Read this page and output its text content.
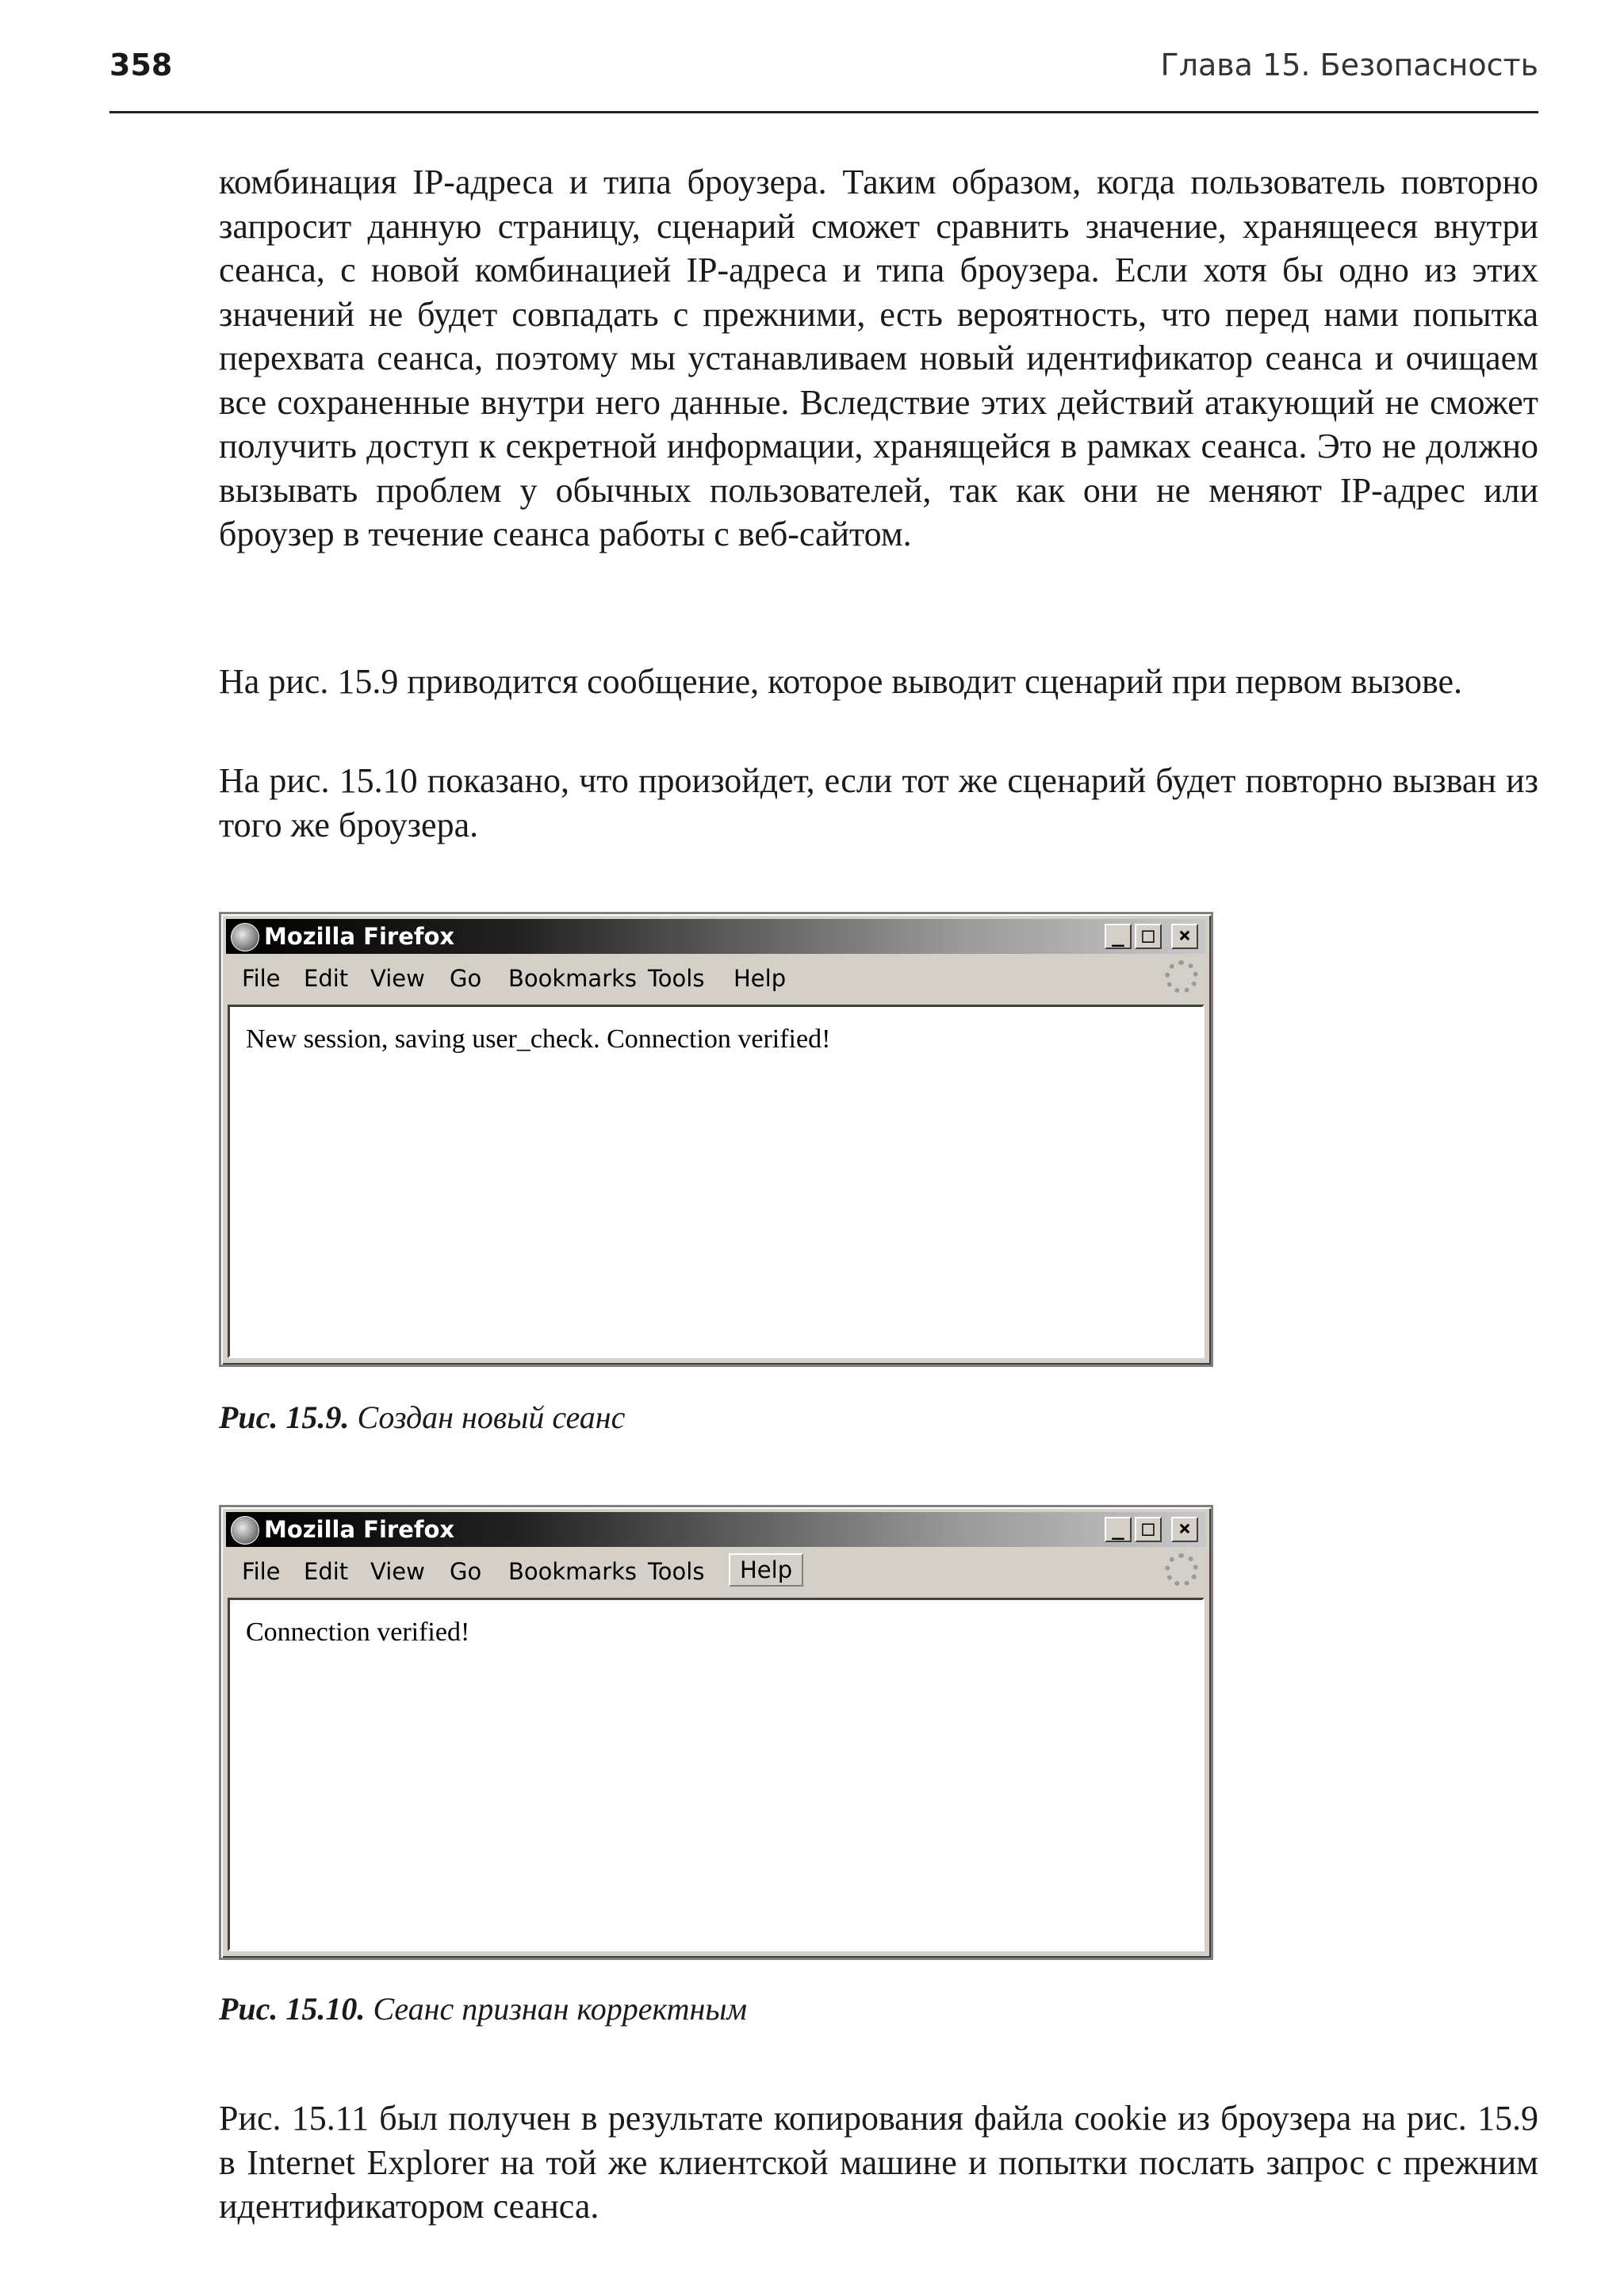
358	Глава 15. Безопасность

комбинация IP-адреса и типа броузера. Таким образом, когда пользователь повторно запросит данную страницу, сценарий сможет сравнить значение, хранящееся внутри сеанса, с новой комбинацией IP-адреса и типа броузера. Если хотя бы одно из этих значений не будет совпадать с прежними, есть вероятность, что перед нами попытка перехвата сеанса, поэтому мы устанавливаем новый идентификатор сеанса и очищаем все сохраненные внутри него данные. Вследствие этих действий атакующий не сможет получить доступ к секретной информации, хранящейся в рамках сеанса. Это не должно вызывать проблем у обычных пользователей, так как они не меняют IP-адрес или броузер в течение сеанса работы с веб-сайтом.

На рис. 15.9 приводится сообщение, которое выводит сценарий при первом вызове.

На рис. 15.10 показано, что произойдет, если тот же сценарий будет повторно вызван из того же броузера.

Mozilla Firefox	_ □	×
File Edit View Go Bookmarks Tools Help
New session, saving user_check. Connection verified!
Рис. 15.9. Создан новый сеанс
Mozilla Firefox	_ □	×
File Edit View Go Bookmarks Tools	Help
Connection verified!
Рис. 15.10. Сеанс признан корректным

Рис. 15.11 был получен в результате копирования файла cookie из броузера на рис. 15.9 в Internet Explorer на той же клиентской машине и попытки послать запрос с прежним идентификатором сеанса.
